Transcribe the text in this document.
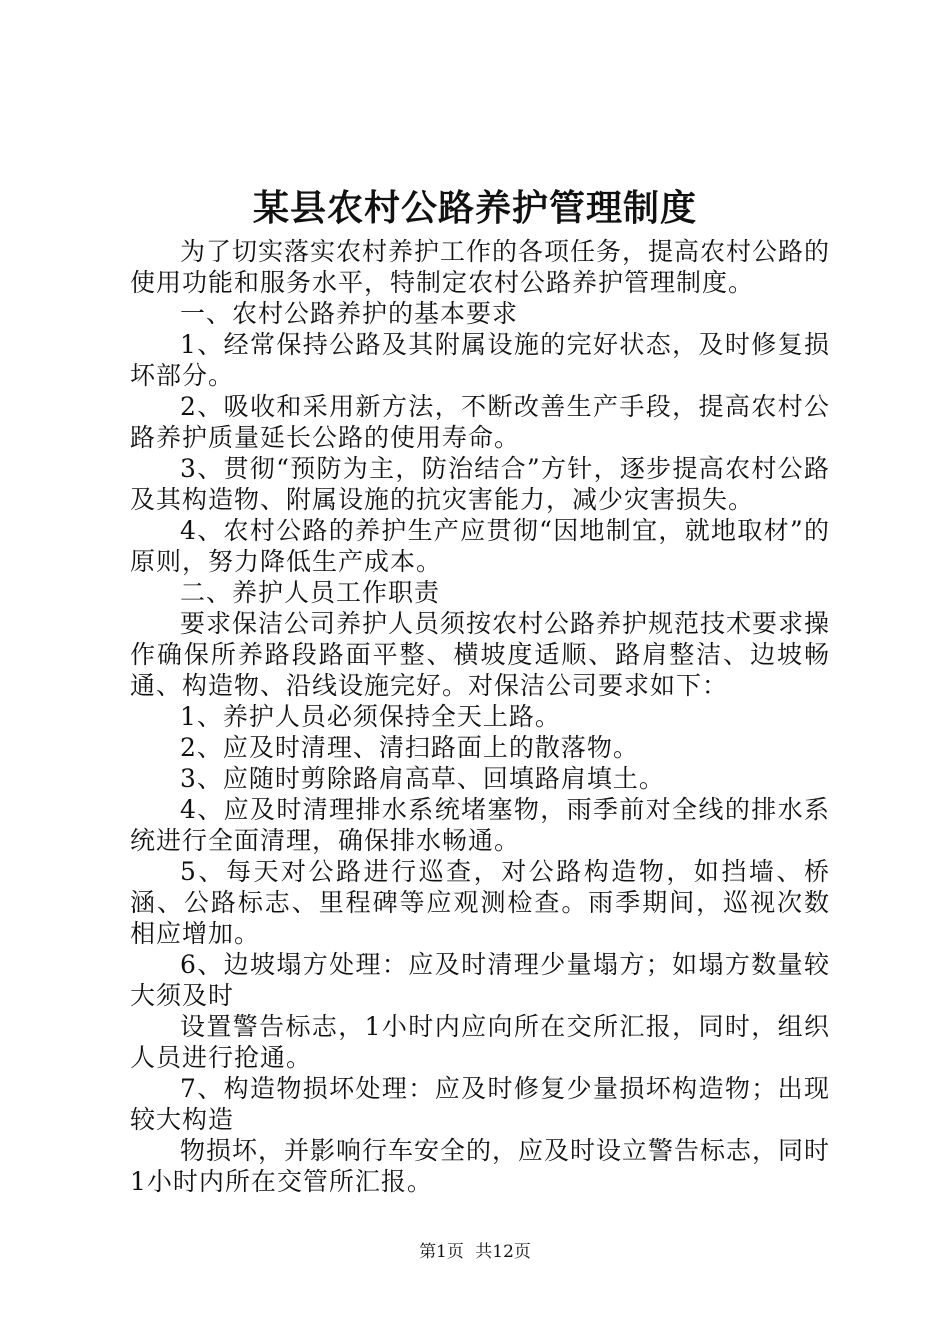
某县农村公路养护管理制度

为了切实落实农村养护工作的各项任务，提高农村公路的使用功能和服务水平，特制定农村公路养护管理制度。

一、农村公路养护的基本要求

1、经常保持公路及其附属设施的完好状态，及时修复损坏部分。

2、吸收和采用新方法，不断改善生产手段，提高农村公路养护质量延长公路的使用寿命。

3、贯彻“预防为主，防治结合”方针，逐步提高农村公路及其构造物、附属设施的抗灾害能力，减少灾害损失。

4、农村公路的养护生产应贯彻“因地制宜，就地取材”的原则，努力降低生产成本。

二、养护人员工作职责

要求保洁公司养护人员须按农村公路养护规范技术要求操作确保所养路段路面平整、横坡度适顺、路肩整洁、边坡畅通、构造物、沿线设施完好。对保洁公司要求如下：

1、养护人员必须保持全天上路。

2、应及时清理、清扫路面上的散落物。

3、应随时剪除路肩高草、回填路肩填土。

4、应及时清理排水系统堵塞物，雨季前对全线的排水系统进行全面清理，确保排水畅通。

5、每天对公路进行巡查，对公路构造物，如挡墙、桥涵、公路标志、里程碑等应观测检查。雨季期间，巡视次数相应增加。

6、边坡塌方处理：应及时清理少量塌方；如塌方数量较大须及时

设置警告标志，1小时内应向所在交所汇报，同时，组织人员进行抢通。

7、构造物损坏处理：应及时修复少量损坏构造物；出现较大构造

物损坏，并影响行车安全的，应及时设立警告标志，同时1小时内所在交管所汇报。

第1页 共12页
